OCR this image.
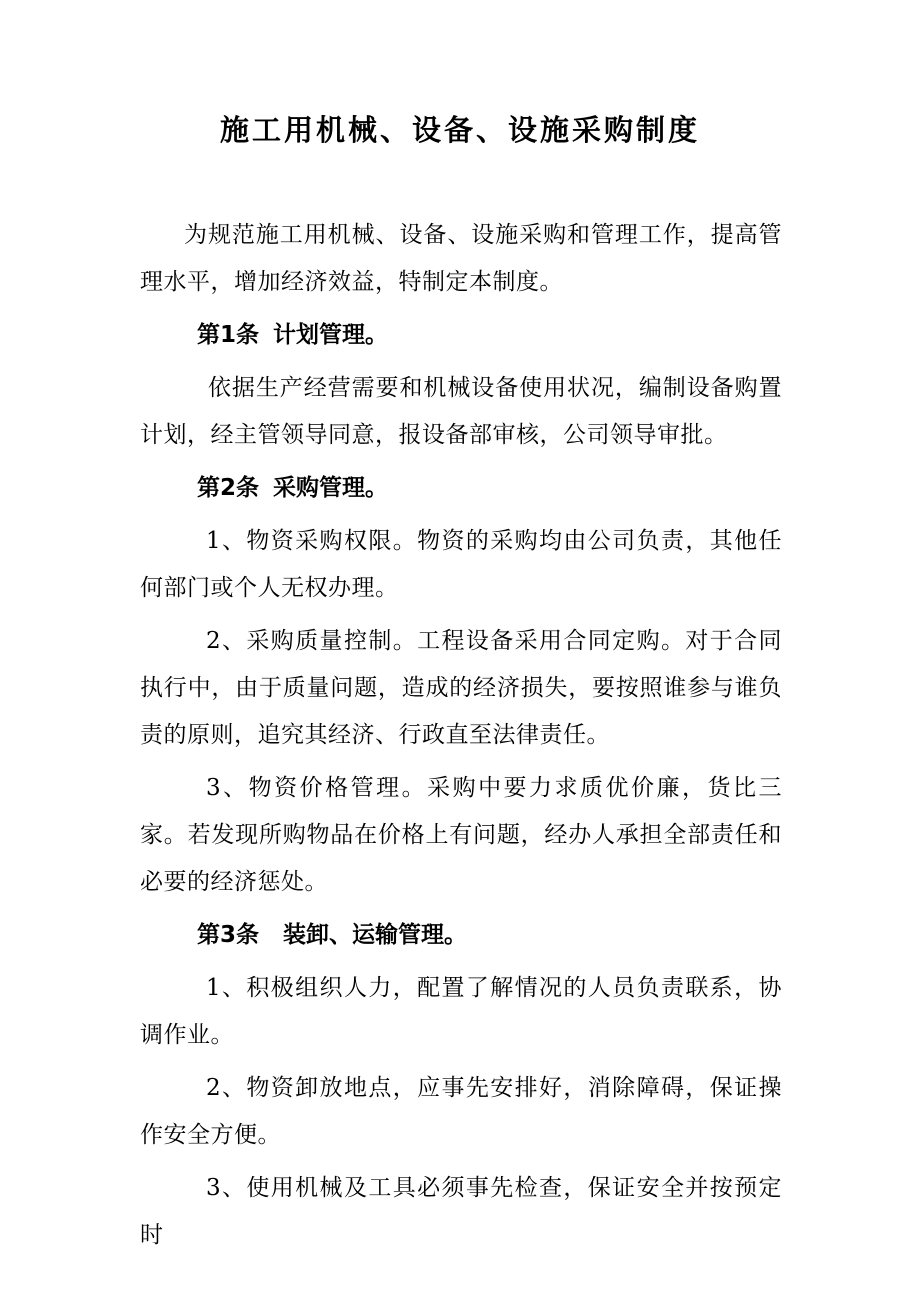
施工用机械、设备、设施采购制度

为规范施工用机械、设备、设施采购和管理工作，提高管理水平，增加经济效益，特制定本制度。

第1条 计划管理。

依据生产经营需要和机械设备使用状况，编制设备购置计划，经主管领导同意，报设备部审核，公司领导审批。

第2条 采购管理。

1、物资采购权限。物资的采购均由公司负责，其他任何部门或个人无权办理。

2、采购质量控制。工程设备采用合同定购。对于合同执行中，由于质量问题，造成的经济损失，要按照谁参与谁负责的原则，追究其经济、行政直至法律责任。

3、物资价格管理。采购中要力求质优价廉，货比三家。若发现所购物品在价格上有问题，经办人承担全部责任和必要的经济惩处。

第3条 装卸、运输管理。

1、积极组织人力，配置了解情况的人员负责联系，协调作业。

2、物资卸放地点，应事先安排好，消除障碍，保证操作安全方便。

3、使用机械及工具必须事先检查，保证安全并按预定时
